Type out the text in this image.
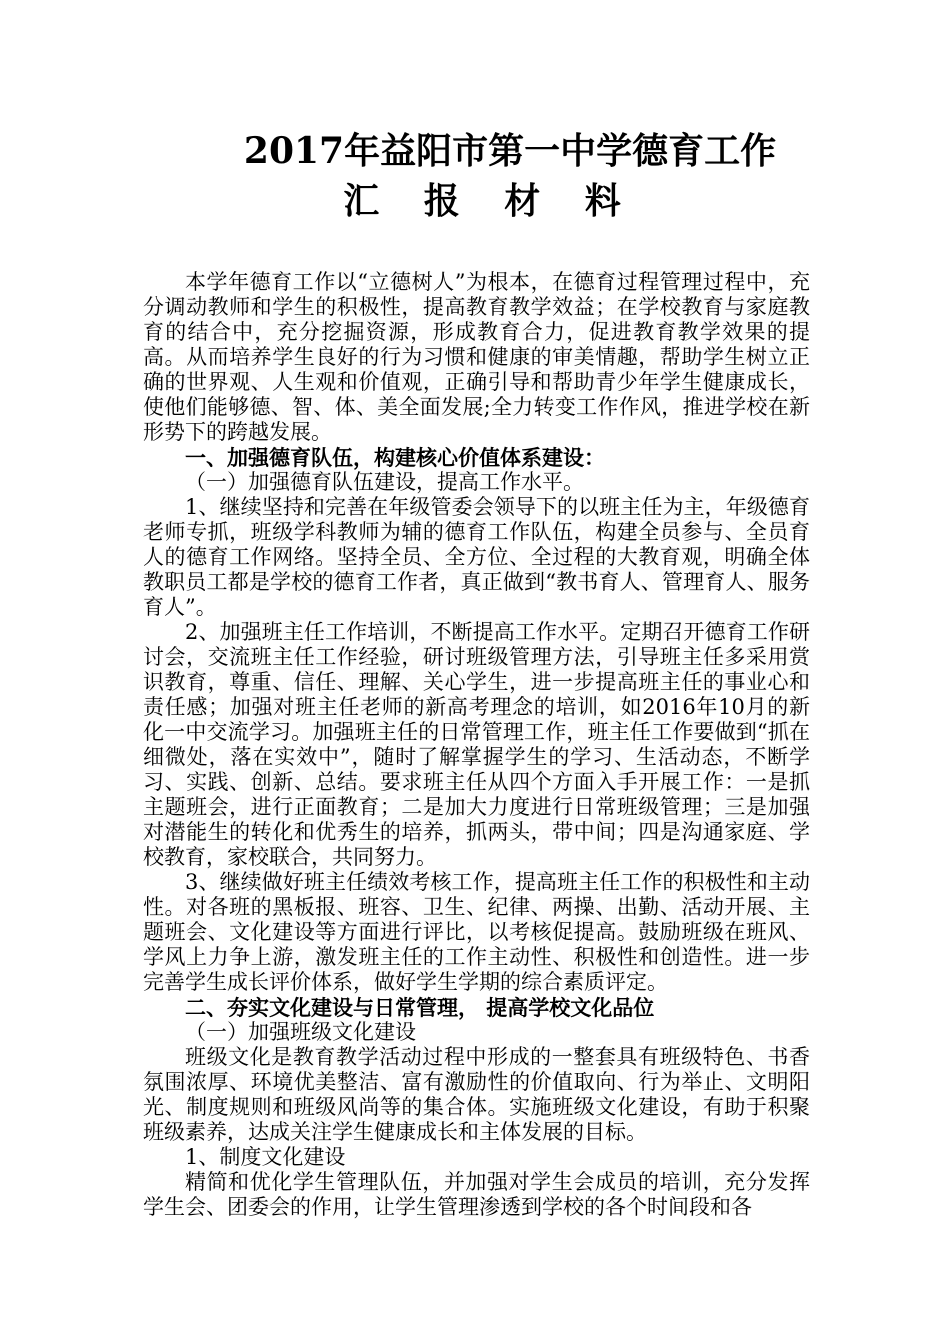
2017年益阳市第一中学德育工作
汇 报 材 料

本学年德育工作以“立德树人”为根本，在德育过程管理过程中，充分调动教师和学生的积极性，提高教育教学效益；在学校教育与家庭教育的结合中，充分挖掘资源，形成教育合力，促进教育教学效果的提高。从而培养学生良好的行为习惯和健康的审美情趣，帮助学生树立正确的世界观、人生观和价值观，正确引导和帮助青少年学生健康成长，使他们能够德、智、体、美全面发展;全力转变工作作风，推进学校在新形势下的跨越发展。

一、加强德育队伍，构建核心价值体系建设：

（一）加强德育队伍建设，提高工作水平。

1、继续坚持和完善在年级管委会领导下的以班主任为主，年级德育老师专抓，班级学科教师为辅的德育工作队伍，构建全员参与、全员育人的德育工作网络。坚持全员、全方位、全过程的大教育观，明确全体教职员工都是学校的德育工作者，真正做到“教书育人、管理育人、服务育人”。

2、加强班主任工作培训，不断提高工作水平。定期召开德育工作研讨会，交流班主任工作经验，研讨班级管理方法，引导班主任多采用赏识教育，尊重、信任、理解、关心学生，进一步提高班主任的事业心和责任感；加强对班主任老师的新高考理念的培训，如2016年10月的新化一中交流学习。加强班主任的日常管理工作，班主任工作要做到“抓在细微处，落在实效中”，随时了解掌握学生的学习、生活动态，不断学习、实践、创新、总结。要求班主任从四个方面入手开展工作：一是抓主题班会，进行正面教育；二是加大力度进行日常班级管理；三是加强对潜能生的转化和优秀生的培养，抓两头，带中间；四是沟通家庭、学校教育，家校联合，共同努力。

3、继续做好班主任绩效考核工作，提高班主任工作的积极性和主动性。对各班的黑板报、班容、卫生、纪律、两操、出勤、活动开展、主题班会、文化建设等方面进行评比，以考核促提高。鼓励班级在班风、学风上力争上游，激发班主任的工作主动性、积极性和创造性。进一步完善学生成长评价体系，做好学生学期的综合素质评定。

二、夯实文化建设与日常管理， 提高学校文化品位

（一）加强班级文化建设

班级文化是教育教学活动过程中形成的一整套具有班级特色、书香氛围浓厚、环境优美整洁、富有激励性的价值取向、行为举止、文明阳光、制度规则和班级风尚等的集合体。实施班级文化建设，有助于积聚班级素养，达成关注学生健康成长和主体发展的目标。

1、制度文化建设

精简和优化学生管理队伍，并加强对学生会成员的培训，充分发挥学生会、团委会的作用，让学生管理渗透到学校的各个时间段和各
